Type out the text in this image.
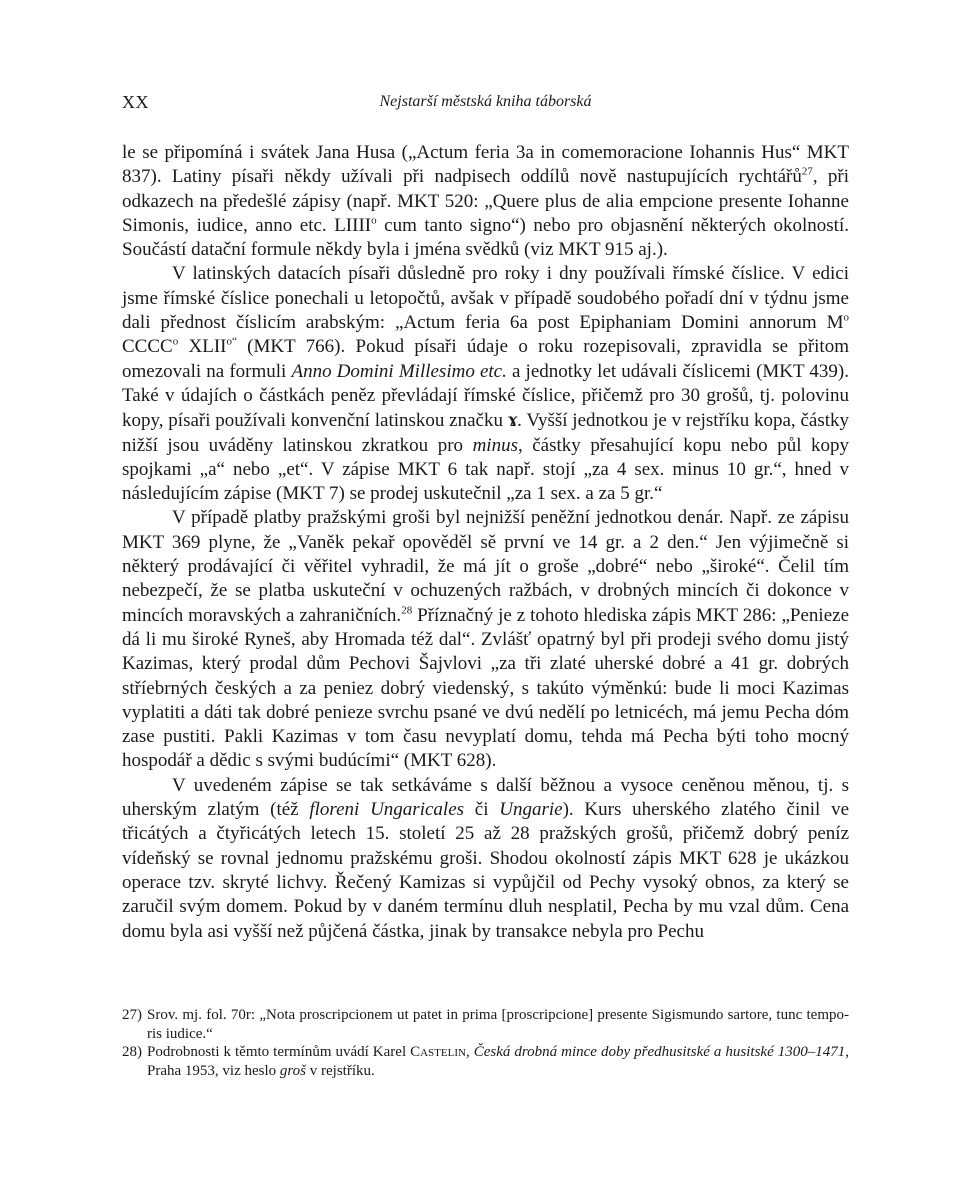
XX	Nejstarší městská kniha táborská

le se připomíná i svátek Jana Husa („Actum feria 3a in comemoracione Iohannis Hus“ MKT 837). Latiny písaři někdy užívali při nadpisech oddílů nově nastupujících rychtářů$^{27}$, při odkazech na předešlé zápisy (např. MKT 520: „Quere plus de alia empcione presente Iohanne Simonis, iudice, anno etc. LIIII$^o$ cum tanto signo“) nebo pro objasnění některých okolností. Součástí datační formule někdy byla i jména svědků (viz MKT 915 aj.).

V latinských datacích písaři důsledně pro roky i dny používali římské číslice. V edici jsme římské číslice ponechali u letopočtů, avšak v případě soudobého pořadí dní v týdnu jsme dali přednost číslicím arabským: „Actum feria 6a post Epiphaniam Domini annorum $M^o$ CCCC$^o$ $XLII^{o“}$ (MKT 766). Pokud písaři údaje o roku rozepisovali, zpravidla se přitom omezovali na formuli Anno Domini Millesimo etc. a jednotky let udávali číslicemi (MKT 439). Také v údajích o částkách peněz převládají římské číslice, přičemž pro 30 grošů, tj. polovinu kopy, písaři používali konvenční latinskou značku ɤ. Vyšší jednotkou je v rejstříku kopa, částky nižší jsou uváděny latinskou zkratkou pro minus, částky přesahující kopu nebo půl kopy spojkami „a“ nebo „et“. V zápise MKT 6 tak např. stojí „za 4 sex. minus 10 gr.“, hned v následujícím zápise (MKT 7) se prodej uskutečnil „za 1 sex. a za 5 gr.“

V případě platby pražskými groši byl nejnižší peněžní jednotkou denár. Např. ze zápisu MKT 369 plyne, že „Vaněk pekař opověděl sě první ve 14 gr. a 2 den.“ Jen výjimečně si některý prodávající či věřitel vyhradil, že má jít o groše „dobré“ nebo „široké“. Čelil tím nebezpečí, že se platba uskuteční v ochuzených ražbách, v drobných mincích či dokonce v mincích moravských a zahraničních.$^{28}$ Příznačný je z tohoto hlediska zápis MKT 286: „Penieze dá li mu široké Ryneš, aby Hromada též dal“. Zvlášť opatrný byl při prodeji svého domu jistý Kazimas, který prodal dům Pechovi Šajvlovi „za tři zlaté uherské dobré a 41 gr. dobrých stříebrných českých a za peniez dobrý viedenský, s takúto výměnkú: bude li moci Kazimas vyplatiti a dáti tak dobré penieze svrchu psané ve dvú nedělí po letnicéch, má jemu Pecha dóm zase pustiti. Pakli Kazimas v tom času nevyplatí domu, tehda má Pecha býti toho mocný hospodář a dědic s svými budúcími“ (MKT 628).

V uvedeném zápise se tak setkáváme s další běžnou a vysoce ceněnou měnou, tj. s uherským zlatým (též floreni Ungaricales či Ungarie). Kurs uherského zlatého činil ve třicátých a čtyřicátých letech 15. století 25 až 28 pražských grošů, přičemž dobrý peníz vídeňský se rovnal jednomu pražskému groši. Shodou okolností zápis MKT 628 je ukázkou operace tzv. skryté lichvy. Řečený Kamizas si vypůjčil od Pechy vysoký obnos, za který se zaručil svým domem. Pokud by v daném termínu dluh nesplatil, Pecha by mu vzal dům. Cena domu byla asi vyšší než půjčená částka, jinak by transakce nebyla pro Pechu

27) Srov. mj. fol. 70r: „Nota proscripcionem ut patet in prima [proscripcione] presente Sigismundo sartore, tunc temporis iudice.“
28) Podrobnosti k těmto termínům uvádí Karel Castelin, Česká drobná mince doby předhusitské a husitské 1300–1471, Praha 1953, viz heslo groš v rejstříku.
